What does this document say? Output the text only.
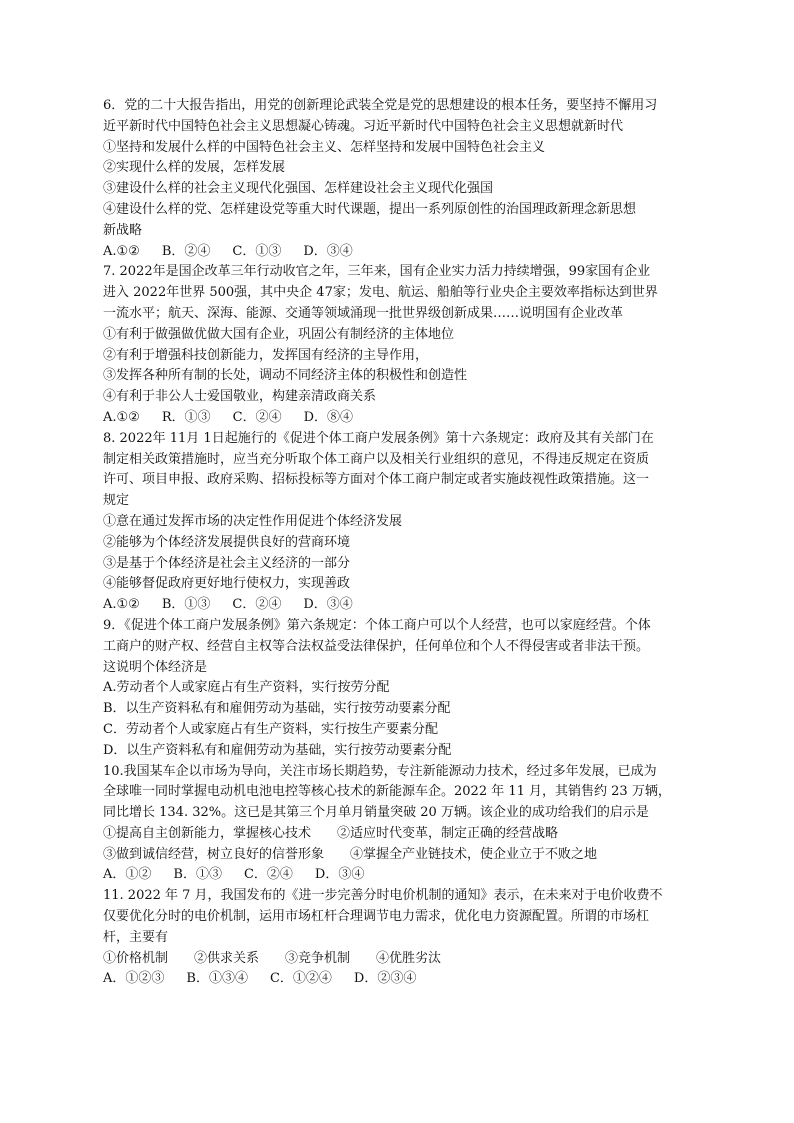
6．党的二十大报告指出，用党的创新理论武装全党是党的思想建设的根本任务，要坚持不懈用习
近平新时代中国特色社会主义思想凝心铸魂。习近平新时代中国特色社会主义思想就新时代
①坚持和发展什么样的中国特色社会主义、怎样坚持和发展中国特色社会主义
②实现什么样的发展，怎样发展
③建设什么样的社会主义现代化强国、怎样建设社会主义现代化强国
④建设什么样的党、怎样建设党等重大时代课题，提出一系列原创性的治国理政新理念新思想
新战略
A.①② B．②④ C．①③ D．③④
7. 2022年是国企改革三年行动收官之年，三年来，国有企业实力活力持续增强，99家国有企业
进入 2022年世界 500强，其中央企 47家；发电、航运、船舶等行业央企主要效率指标达到世界
一流水平；航天、深海、能源、交通等领域涌现一批世界级创新成果……说明国有企业改革
①有利于做强做优做大国有企业，巩固公有制经济的主体地位
②有利于增强科技创新能力，发挥国有经济的主导作用，
③发挥各种所有制的长处，调动不同经济主体的积极性和创造性
④有利于非公人士爱国敬业，构建亲清政商关系
A.①② R．①③ C．②④ D．⑧④
8. 2022年 11月 1日起施行的《促进个体工商户发展条例》第十六条规定：政府及其有关部门在
制定相关政策措施时，应当充分听取个体工商户以及相关行业组织的意见，不得违反规定在资质
许可、项目申报、政府采购、招标投标等方面对个体工商户制定或者实施歧视性政策措施。这一
规定
①意在通过发挥市场的决定性作用促进个体经济发展
②能够为个体经济发展提供良好的营商环境
③是基于个体经济是社会主义经济的一部分
④能够督促政府更好地行使权力，实现善政
A.①② B．①③ C．②④ D．③④
9．《促进个体工商户发展条例》第六条规定：个体工商户可以个人经营，也可以家庭经营。个体
工商户的财产权、经营自主权等合法权益受法律保护，任何单位和个人不得侵害或者非法干预。
这说明个体经济是
A.劳动者个人或家庭占有生产资料，实行按劳分配
B．以生产资料私有和雇佣劳动为基础，实行按劳动要素分配
C．劳动者个人或家庭占有生产资料，实行按生产要素分配
D．以生产资料私有和雇佣劳动为基础，实行按劳动要素分配
10.我国某车企以市场为导向，关注市场长期趋势，专注新能源动力技术，经过多年发展，已成为
全球唯一同时掌握电动机电池电控等核心技术的新能源车企。2022 年 11 月，其销售约 23 万辆，
同比增长 134. 32%。这已是其第三个月单月销量突破 20 万辆。该企业的成功给我们的启示是
①提高自主创新能力，掌握核心技术　　②适应时代变革，制定正确的经营战略
③做到诚信经营，树立良好的信誉形象　　④掌握全产业链技术，使企业立于不败之地
A．①② B．①③ C．②④ D．③④
11. 2022 年 7 月，我国发布的《进一步完善分时电价机制的通知》表示，在未来对于电价收费不
仅要优化分时的电价机制，运用市场杠杆合理调节电力需求，优化电力资源配置。所谓的市场杠
杆，主要有
①价格机制　　②供求关系　　③竞争机制　　④优胜劣汰
A．①②③ B．①③④ C．①②④ D．②③④
